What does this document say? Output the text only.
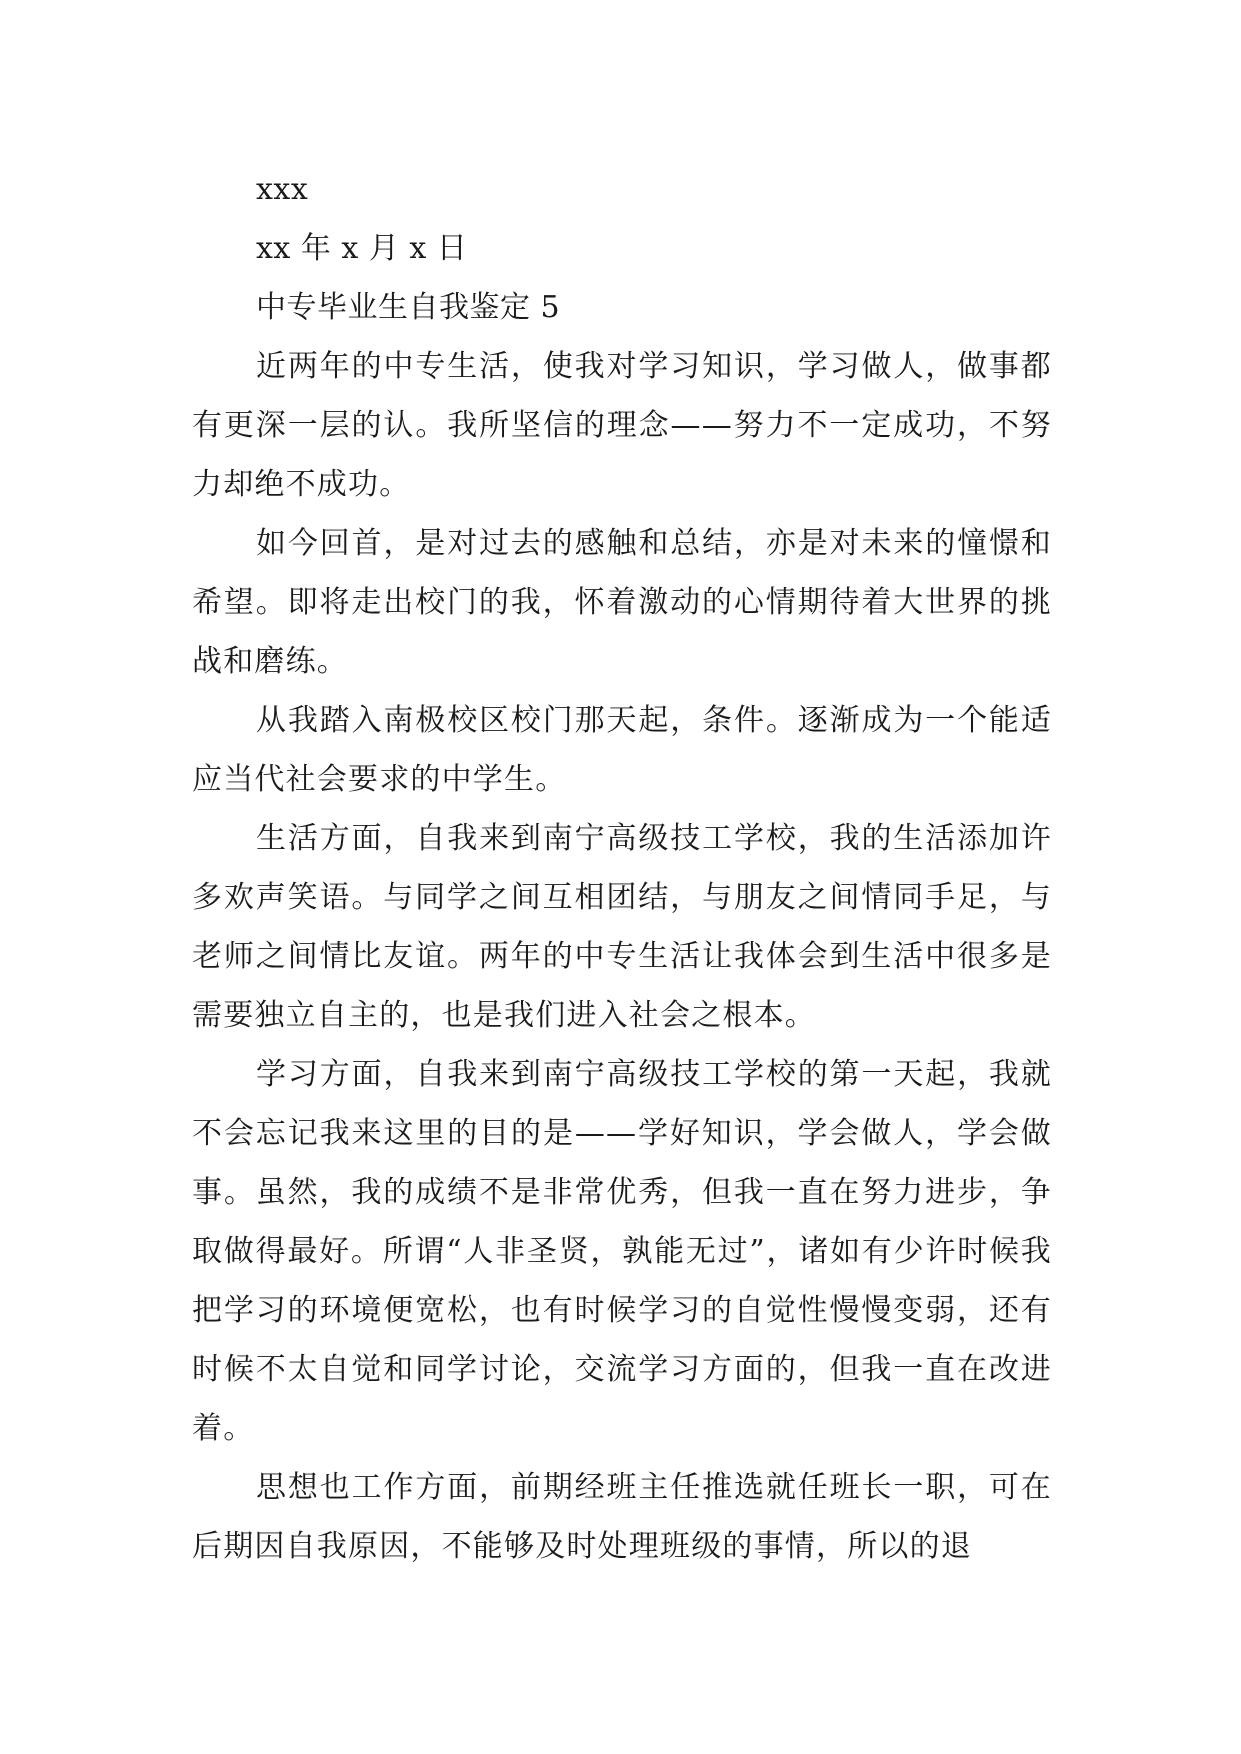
xxx

xx 年 x 月 x 日

中专毕业生自我鉴定 5

近两年的中专生活，使我对学习知识，学习做人，做事都有更深一层的认。我所坚信的理念——努力不一定成功，不努力却绝不成功。

如今回首，是对过去的感触和总结，亦是对未来的憧憬和希望。即将走出校门的我，怀着激动的心情期待着大世界的挑战和磨练。

从我踏入南极校区校门那天起，条件。逐渐成为一个能适应当代社会要求的中学生。

生活方面，自我来到南宁高级技工学校，我的生活添加许多欢声笑语。与同学之间互相团结，与朋友之间情同手足，与老师之间情比友谊。两年的中专生活让我体会到生活中很多是需要独立自主的，也是我们进入社会之根本。

学习方面，自我来到南宁高级技工学校的第一天起，我就不会忘记我来这里的目的是——学好知识，学会做人，学会做事。虽然，我的成绩不是非常优秀，但我一直在努力进步，争取做得最好。所谓“人非圣贤，孰能无过”，诸如有少许时候我把学习的环境便宽松，也有时候学习的自觉性慢慢变弱，还有时候不太自觉和同学讨论，交流学习方面的，但我一直在改进着。

思想也工作方面，前期经班主任推选就任班长一职，可在后期因自我原因，不能够及时处理班级的事情，所以的退
